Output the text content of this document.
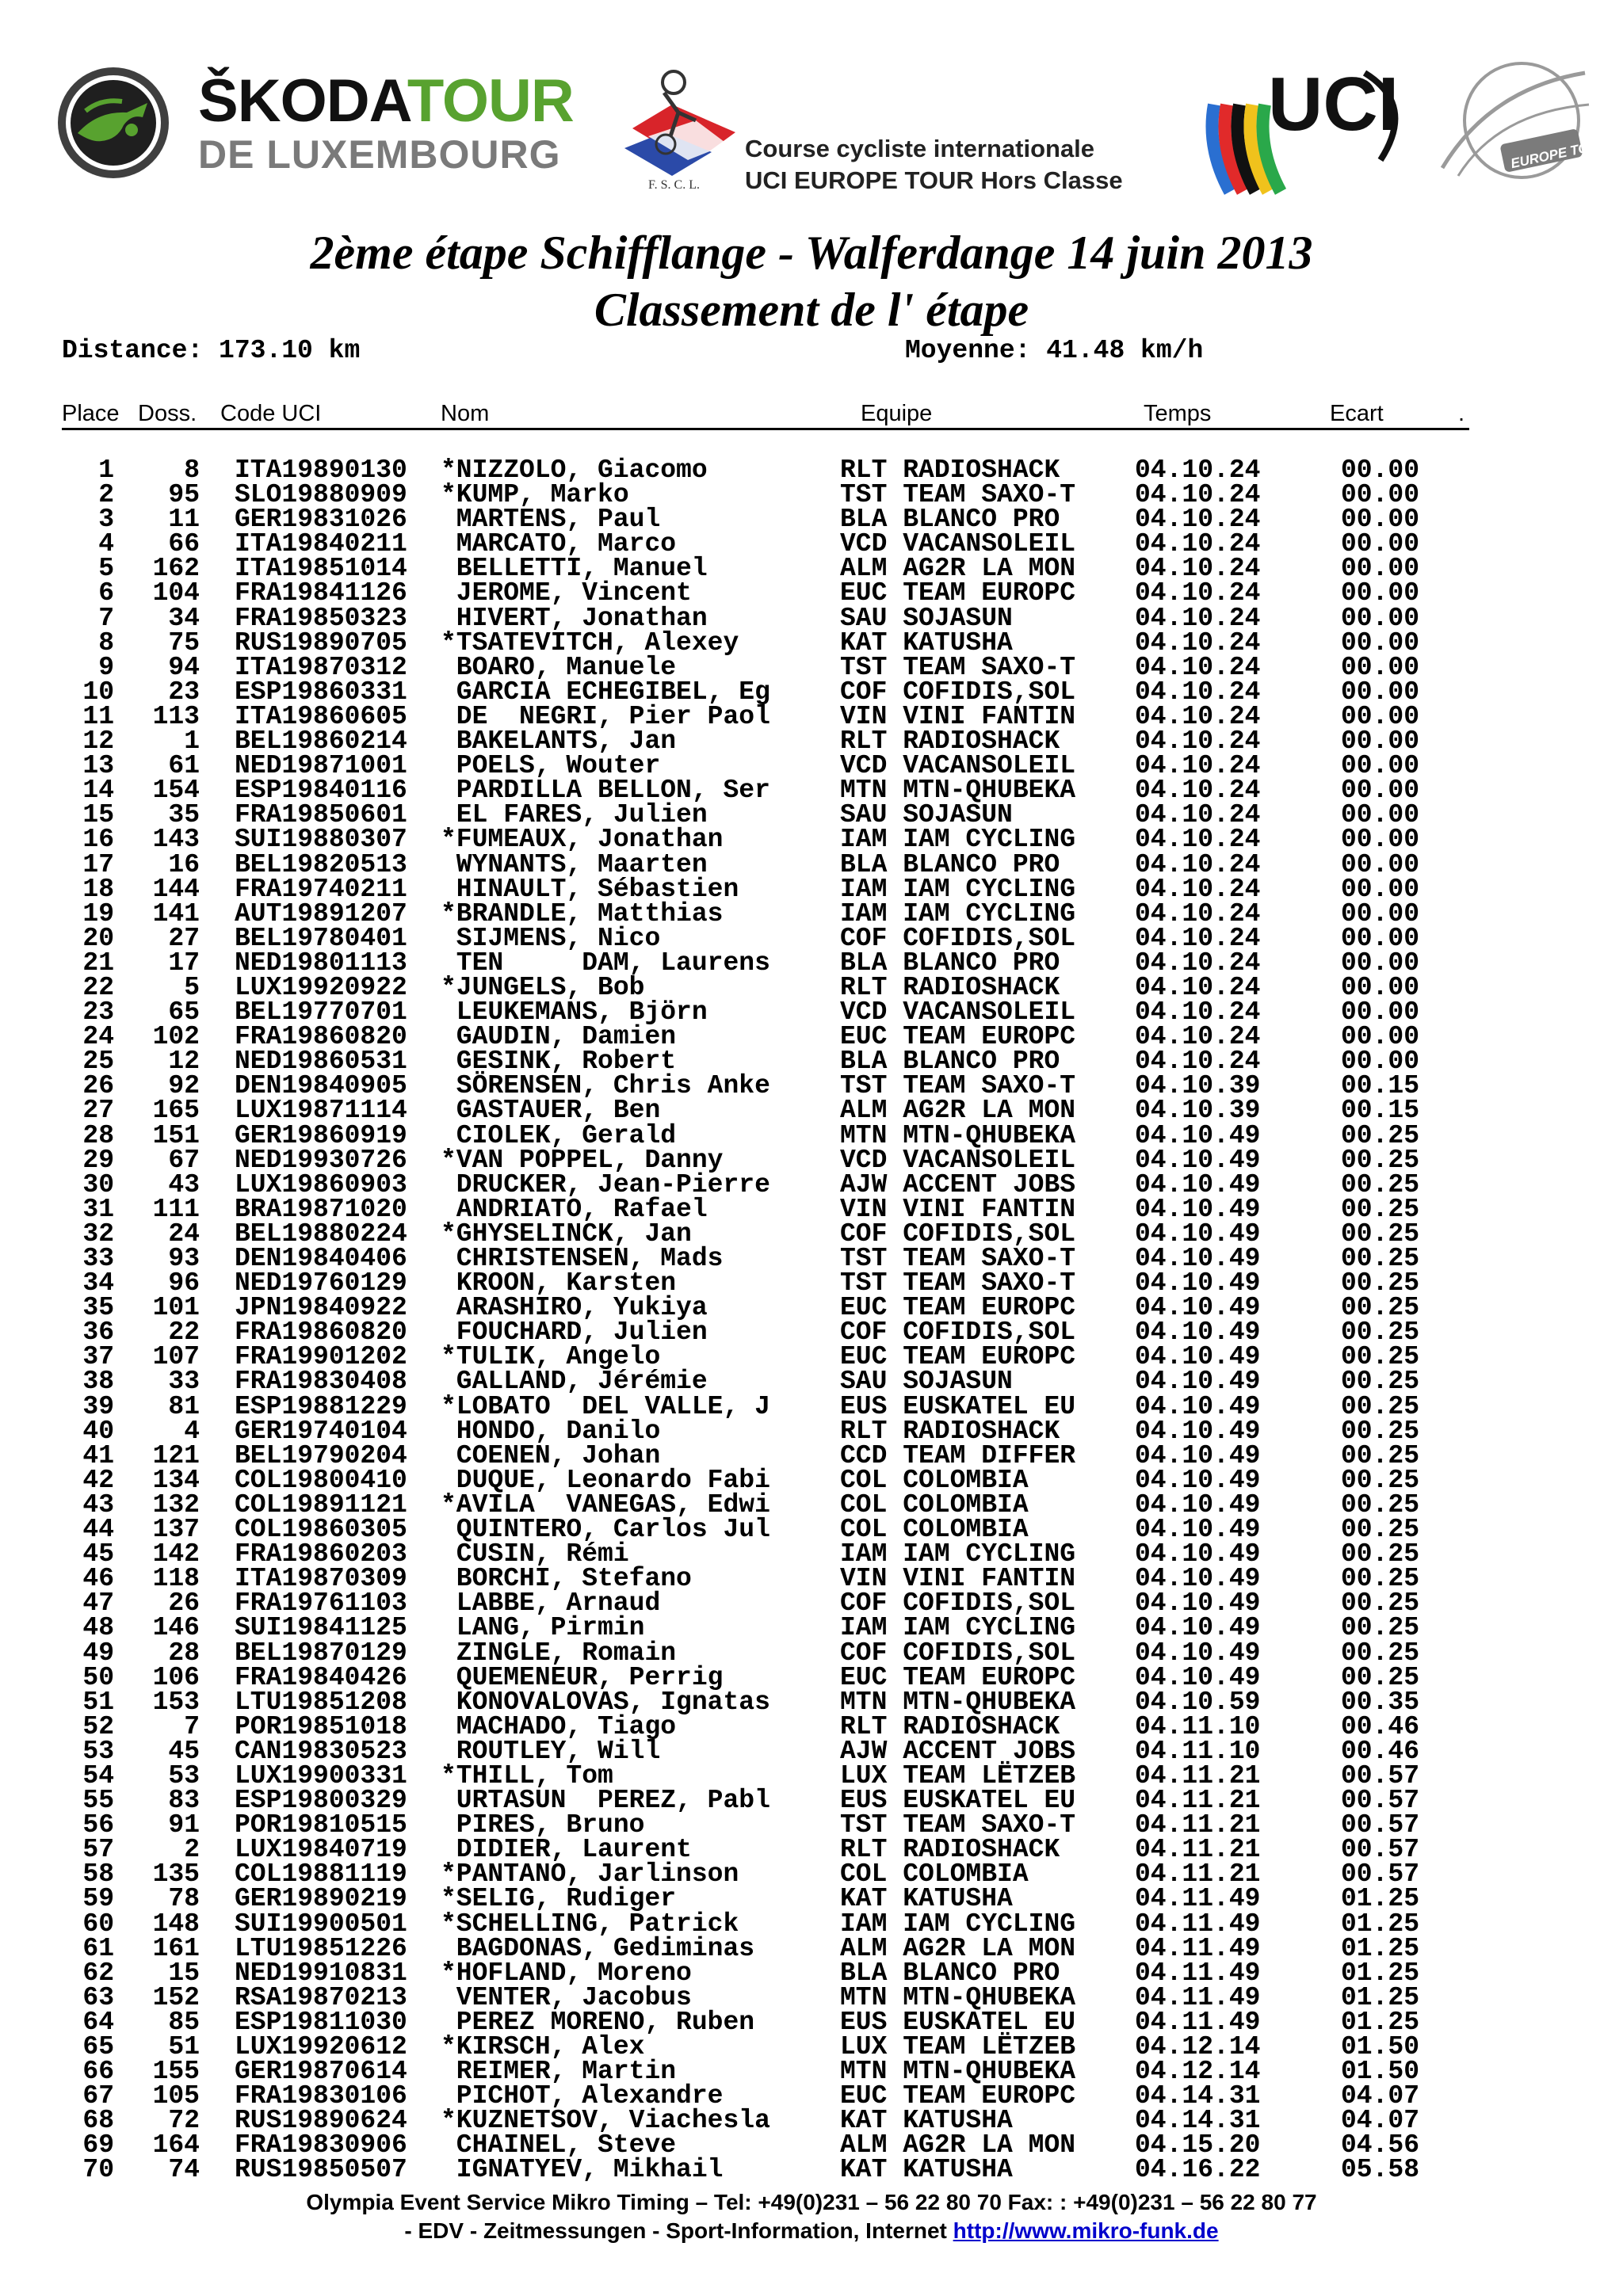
ŠKODATOUR
DE LUXEMBOURG
F. S. C. L.
Course cycliste internationale
UCI EUROPE TOUR Hors Classe
UCI
EUROPE TOUR
2ème étape Schifflange - Walferdange 14 juin 2013
Classement de l' étape
Distance: 173.10 km	Moyenne: 41.48 km/h
Place Doss. Code UCI	Nom	Equipe	Temps	Ecart	.
1	8 ITA19890130 *NIZZOLO, Giacomo	RLT RADIOSHACK	04.10.24	00.00
2	95 SLO19880909 *KUMP, Marko	TST TEAM SAXO-T 04.10.24	00.00
3	11 GER19831026 MARTENS, Paul	BLA BLANCO PRO	04.10.24	00.00
4	66 ITA19840211 MARCATO, Marco	VCD VACANSOLEIL 04.10.24	00.00
5	162 ITA19851014 BELLETTI, Manuel	ALM AG2R LA MON 04.10.24	00.00
6	104 FRA19841126 JEROME, Vincent	EUC TEAM EUROPC 04.10.24	00.00
7	34 FRA19850323 HIVERT, Jonathan	SAU SOJASUN	04.10.24	00.00
8	75 RUS19890705 *TSATEVITCH, Alexey	KAT KATUSHA	04.10.24	00.00
9	94 ITA19870312 BOARO, Manuele	TST TEAM SAXO-T 04.10.24	00.00
10	23 ESP19860331 GARCIA ECHEGIBEL, Eg	COF COFIDIS,SOL 04.10.24	00.00
11	113 ITA19860605 DE  NEGRI, Pier Paol	VIN VINI FANTIN 04.10.24	00.00
12	1 BEL19860214 BAKELANTS, Jan	RLT RADIOSHACK	04.10.24	00.00
13	61 NED19871001 POELS, Wouter	VCD VACANSOLEIL 04.10.24	00.00
14	154 ESP19840116 PARDILLA BELLON, Ser	MTN MTN-QHUBEKA 04.10.24	00.00
15	35 FRA19850601 EL FARES, Julien	SAU SOJASUN	04.10.24	00.00
16	143 SUI19880307 *FUMEAUX, Jonathan	IAM IAM CYCLING 04.10.24	00.00
17	16 BEL19820513 WYNANTS, Maarten	BLA BLANCO PRO	04.10.24	00.00
18	144 FRA19740211 HINAULT, Sébastien	IAM IAM CYCLING 04.10.24	00.00
19	141 AUT19891207 *BRANDLE, Matthias	IAM IAM CYCLING 04.10.24	00.00
20	27 BEL19780401 SIJMENS, Nico	COF COFIDIS,SOL 04.10.24	00.00
21	17 NED19801113 TEN     DAM, Laurens	BLA BLANCO PRO	04.10.24	00.00
22	5 LUX19920922 *JUNGELS, Bob	RLT RADIOSHACK	04.10.24	00.00
23	65 BEL19770701 LEUKEMANS, Björn	VCD VACANSOLEIL 04.10.24	00.00
24	102 FRA19860820 GAUDIN, Damien	EUC TEAM EUROPC 04.10.24	00.00
25	12 NED19860531 GESINK, Robert	BLA BLANCO PRO	04.10.24	00.00
26	92 DEN19840905 SÖRENSEN, Chris Anke	TST TEAM SAXO-T 04.10.39	00.15
27	165 LUX19871114 GASTAUER, Ben	ALM AG2R LA MON 04.10.39	00.15
28	151 GER19860919 CIOLEK, Gerald	MTN MTN-QHUBEKA 04.10.49	00.25
29	67 NED19930726 *VAN POPPEL, Danny	VCD VACANSOLEIL 04.10.49	00.25
30	43 LUX19860903 DRUCKER, Jean-Pierre	AJW ACCENT JOBS 04.10.49	00.25
31	111 BRA19871020 ANDRIATO, Rafael	VIN VINI FANTIN 04.10.49	00.25
32	24 BEL19880224 *GHYSELINCK, Jan	COF COFIDIS,SOL 04.10.49	00.25
33	93 DEN19840406 CHRISTENSEN, Mads	TST TEAM SAXO-T 04.10.49	00.25
34	96 NED19760129 KROON, Karsten	TST TEAM SAXO-T 04.10.49	00.25
35	101 JPN19840922 ARASHIRO, Yukiya	EUC TEAM EUROPC 04.10.49	00.25
36	22 FRA19860820 FOUCHARD, Julien	COF COFIDIS,SOL 04.10.49	00.25
37	107 FRA19901202 *TULIK, Angelo	EUC TEAM EUROPC 04.10.49	00.25
38	33 FRA19830408 GALLAND, Jérémie	SAU SOJASUN	04.10.49	00.25
39	81 ESP19881229 *LOBATO  DEL VALLE, J	EUS EUSKATEL EU 04.10.49	00.25
40	4 GER19740104 HONDO, Danilo	RLT RADIOSHACK	04.10.49	00.25
41	121 BEL19790204 COENEN, Johan	CCD TEAM DIFFER 04.10.49	00.25
42	134 COL19800410 DUQUE, Leonardo Fabi	COL COLOMBIA	04.10.49	00.25
43	132 COL19891121 *AVILA  VANEGAS, Edwi	COL COLOMBIA	04.10.49	00.25
44	137 COL19860305 QUINTERO, Carlos Jul	COL COLOMBIA	04.10.49	00.25
45	142 FRA19860203 CUSIN, Rémi	IAM IAM CYCLING 04.10.49	00.25
46	118 ITA19870309 BORCHI, Stefano	VIN VINI FANTIN 04.10.49	00.25
47	26 FRA19761103 LABBE, Arnaud	COF COFIDIS,SOL 04.10.49	00.25
48	146 SUI19841125 LANG, Pirmin	IAM IAM CYCLING 04.10.49	00.25
49	28 BEL19870129 ZINGLE, Romain	COF COFIDIS,SOL 04.10.49	00.25
50	106 FRA19840426 QUEMENEUR, Perrig	EUC TEAM EUROPC 04.10.49	00.25
51	153 LTU19851208 KONOVALOVAS, Ignatas	MTN MTN-QHUBEKA 04.10.59	00.35
52	7 POR19851018 MACHADO, Tiago	RLT RADIOSHACK	04.11.10	00.46
53	45 CAN19830523 ROUTLEY, Will	AJW ACCENT JOBS 04.11.10	00.46
54	53 LUX19900331 *THILL, Tom	LUX TEAM LËTZEB 04.11.21	00.57
55	83 ESP19800329 URTASUN  PEREZ, Pabl	EUS EUSKATEL EU 04.11.21	00.57
56	91 POR19810515 PIRES, Bruno	TST TEAM SAXO-T 04.11.21	00.57
57	2 LUX19840719 DIDIER, Laurent	RLT RADIOSHACK	04.11.21	00.57
58	135 COL19881119 *PANTANO, Jarlinson	COL COLOMBIA	04.11.21	00.57
59	78 GER19890219 *SELIG, Rudiger	KAT KATUSHA	04.11.49	01.25
60	148 SUI19900501 *SCHELLING, Patrick	IAM IAM CYCLING 04.11.49	01.25
61	161 LTU19851226 BAGDONAS, Gediminas	ALM AG2R LA MON 04.11.49	01.25
62	15 NED19910831 *HOFLAND, Moreno	BLA BLANCO PRO	04.11.49	01.25
63	152 RSA19870213 VENTER, Jacobus	MTN MTN-QHUBEKA 04.11.49	01.25
64	85 ESP19811030 PEREZ MORENO, Ruben	EUS EUSKATEL EU 04.11.49	01.25
65	51 LUX19920612 *KIRSCH, Alex	LUX TEAM LËTZEB 04.12.14	01.50
66	155 GER19870614 REIMER, Martin	MTN MTN-QHUBEKA 04.12.14	01.50
67	105 FRA19830106 PICHOT, Alexandre	EUC TEAM EUROPC 04.14.31	04.07
68	72 RUS19890624 *KUZNETSOV, Viachesla	KAT KATUSHA	04.14.31	04.07
69	164 FRA19830906 CHAINEL, Steve	ALM AG2R LA MON 04.15.20	04.56
70	74 RUS19850507 IGNATYEV, Mikhail	KAT KATUSHA	04.16.22	05.58
Olympia Event Service Mikro Timing – Tel: +49(0)231 – 56 22 80 70 Fax: : +49(0)231 – 56 22 80 77
- EDV - Zeitmessungen - Sport-Information, Internet http://www.mikro-funk.de
